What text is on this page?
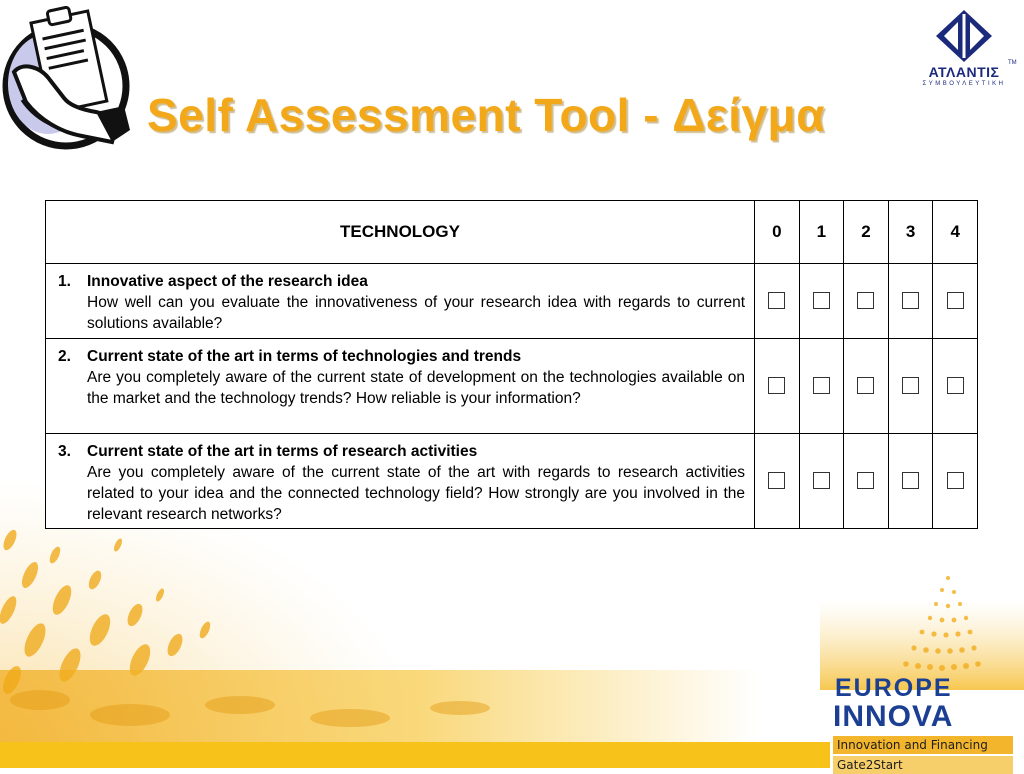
Self Assessment Tool - Δείγμα
ΑΤΛΑΝΤΙΣ
TM
ΣΥΜΒΟΥΛΕΥΤΙΚΗ
TECHNOLOGY	0	1	2	3	4

1. Innovative aspect of the research idea
How well can you evaluate the innovativeness of your research idea with regards to current solutions available?					

2. Current state of the art in terms of technologies and trends
Are you completely aware of the current state of development on the technologies available on the market and the technology trends? How reliable is your information?					

3. Current state of the art in terms of research activities
Are you completely aware of the current state of the art with regards to research activities related to your idea and the connected technology field? How strongly are you involved in the relevant research networks?					

EUROPE
INNOVA
Innovation and Financing
Gate2Start
